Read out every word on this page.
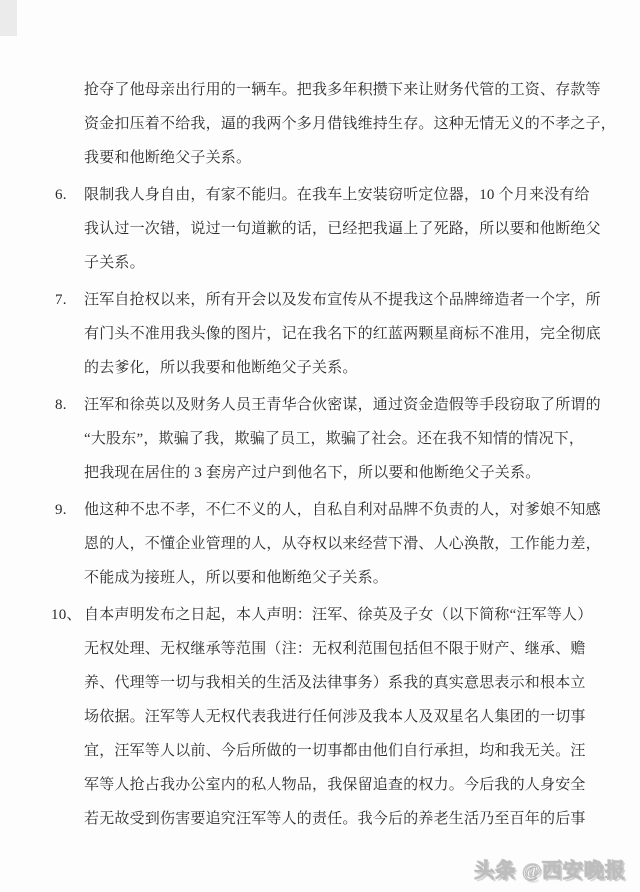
抢夺了他母亲出行用的一辆车。把我多年积攒下来让财务代管的工资、存款等
资金扣压着不给我，逼的我两个多月借钱维持生存。这种无情无义的不孝之子，
我要和他断绝父子关系。
6. 限制我人身自由，有家不能归。在我车上安装窃听定位器，10 个月来没有给
我认过一次错，说过一句道歉的话，已经把我逼上了死路，所以要和他断绝父
子关系。
7. 汪军自抢权以来，所有开会以及发布宣传从不提我这个品牌缔造者一个字，所
有门头不准用我头像的图片，记在我名下的红蓝两颗星商标不准用，完全彻底
的去爹化，所以我要和他断绝父子关系。
8. 汪军和徐英以及财务人员王青华合伙密谋，通过资金造假等手段窃取了所谓的
“大股东”，欺骗了我，欺骗了员工，欺骗了社会。还在我不知情的情况下，
把我现在居住的 3 套房产过户到他名下，所以要和他断绝父子关系。
9. 他这种不忠不孝，不仁不义的人，自私自利对品牌不负责的人，对爹娘不知感
恩的人，不懂企业管理的人，从夺权以来经营下滑、人心涣散，工作能力差，
不能成为接班人，所以要和他断绝父子关系。
10、 自本声明发布之日起，本人声明：汪军、徐英及子女（以下简称“汪军等人）
无权处理、无权继承等范围（注：无权利范围包括但不限于财产、继承、赡
养、代理等一切与我相关的生活及法律事务）系我的真实意思表示和根本立
场依据。汪军等人无权代表我进行任何涉及我本人及双星名人集团的一切事
宜，汪军等人以前、今后所做的一切事都由他们自行承担，均和我无关。汪
军等人抢占我办公室内的私人物品，我保留追查的权力。今后我的人身安全
若无故受到伤害要追究汪军等人的责任。我今后的养老生活乃至百年的后事
头条 @西安晚报
